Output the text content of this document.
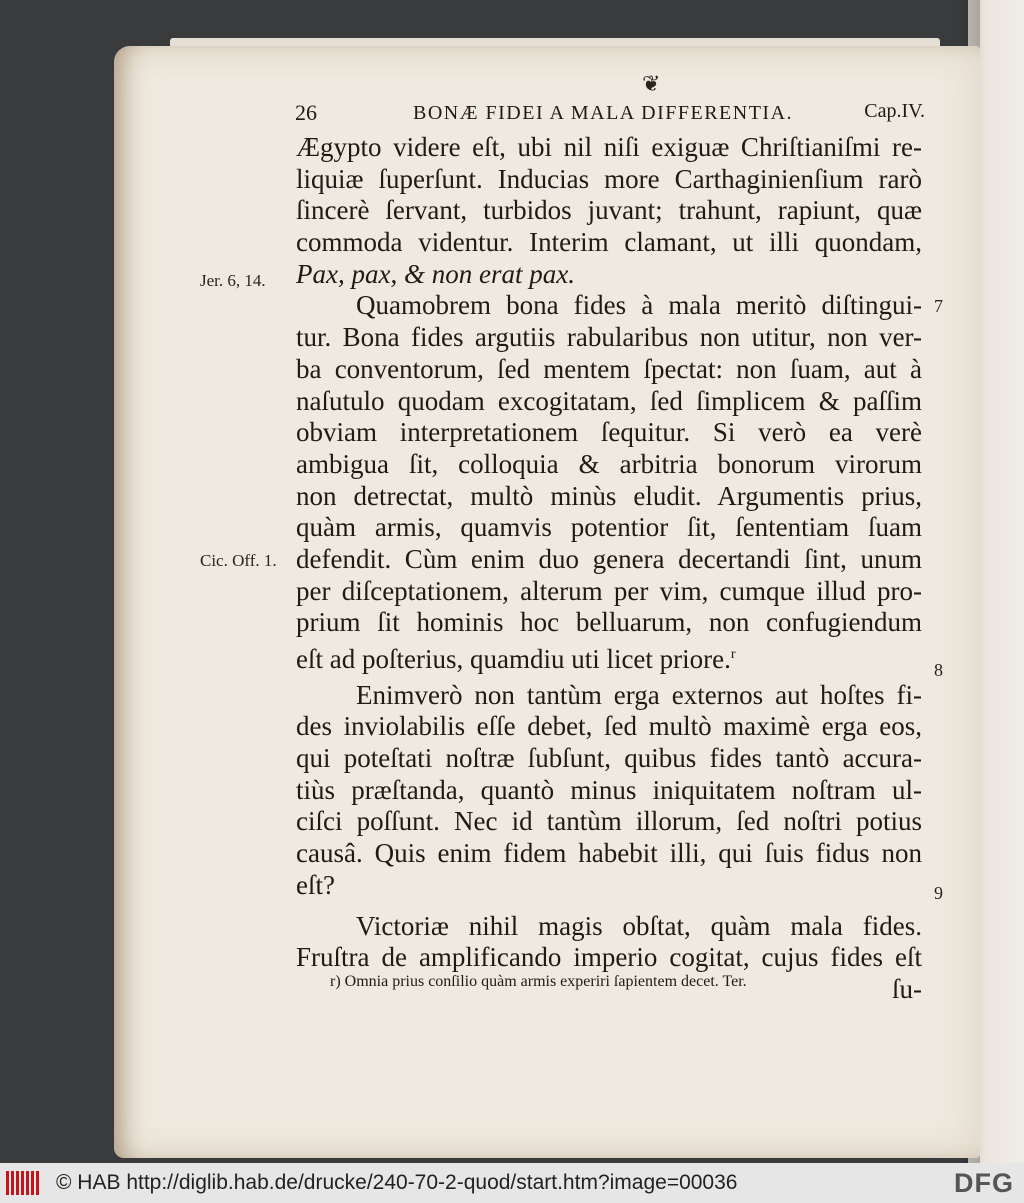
❦
26	BONÆ FIDEI A MALA DIFFERENTIA.	Cap.IV.
Jer. 6, 14.
Cic. Off. 1.
7
8
9
Ægypto videre eſt, ubi nil niſi exiguæ Chriſtianiſmi re-
liquiæ ſuperſunt. Inducias more Carthaginienſium rarò
ſincerè ſervant, turbidos juvant; trahunt, rapiunt, quæ
commoda videntur. Interim clamant, ut illi quondam,
Pax, pax, & non erat pax.
Quamobrem bona fides à mala meritò diſtingui-
tur. Bona fides argutiis rabularibus non utitur, non ver-
ba conventorum, ſed mentem ſpectat: non ſuam, aut à
naſutulo quodam excogitatam, ſed ſimplicem & paſſim
obviam interpretationem ſequitur. Si verò ea verè
ambigua ſit, colloquia & arbitria bonorum virorum
non detrectat, multò minùs eludit. Argumentis prius,
quàm armis, quamvis potentior ſit, ſententiam ſuam
defendit. Cùm enim duo genera decertandi ſint, unum
per diſceptationem, alterum per vim, cumque illud pro-
prium ſit hominis hoc belluarum, non confugiendum
eſt ad poſterius, quamdiu uti licet priore.$^r$
Enimverò non tantùm erga externos aut hoſtes fi-
des inviolabilis eſſe debet, ſed multò maximè erga eos,
qui poteſtati noſtræ ſubſunt, quibus fides tantò accura-
tiùs præſtanda, quantò minus iniquitatem noſtram ul-
ciſci poſſunt. Nec id tantùm illorum, ſed noſtri potius
causâ. Quis enim fidem habebit illi, qui ſuis fidus non
eſt?
Victoriæ nihil magis obſtat, quàm mala fides.
Fruſtra de amplificando imperio cogitat, cujus fides eſt
ſu-
r) Omnia prius conſilio quàm armis experiri ſapientem decet. Ter.
© HAB http://diglib.hab.de/drucke/240-70-2-quod/start.htm?image=00036	DFG
